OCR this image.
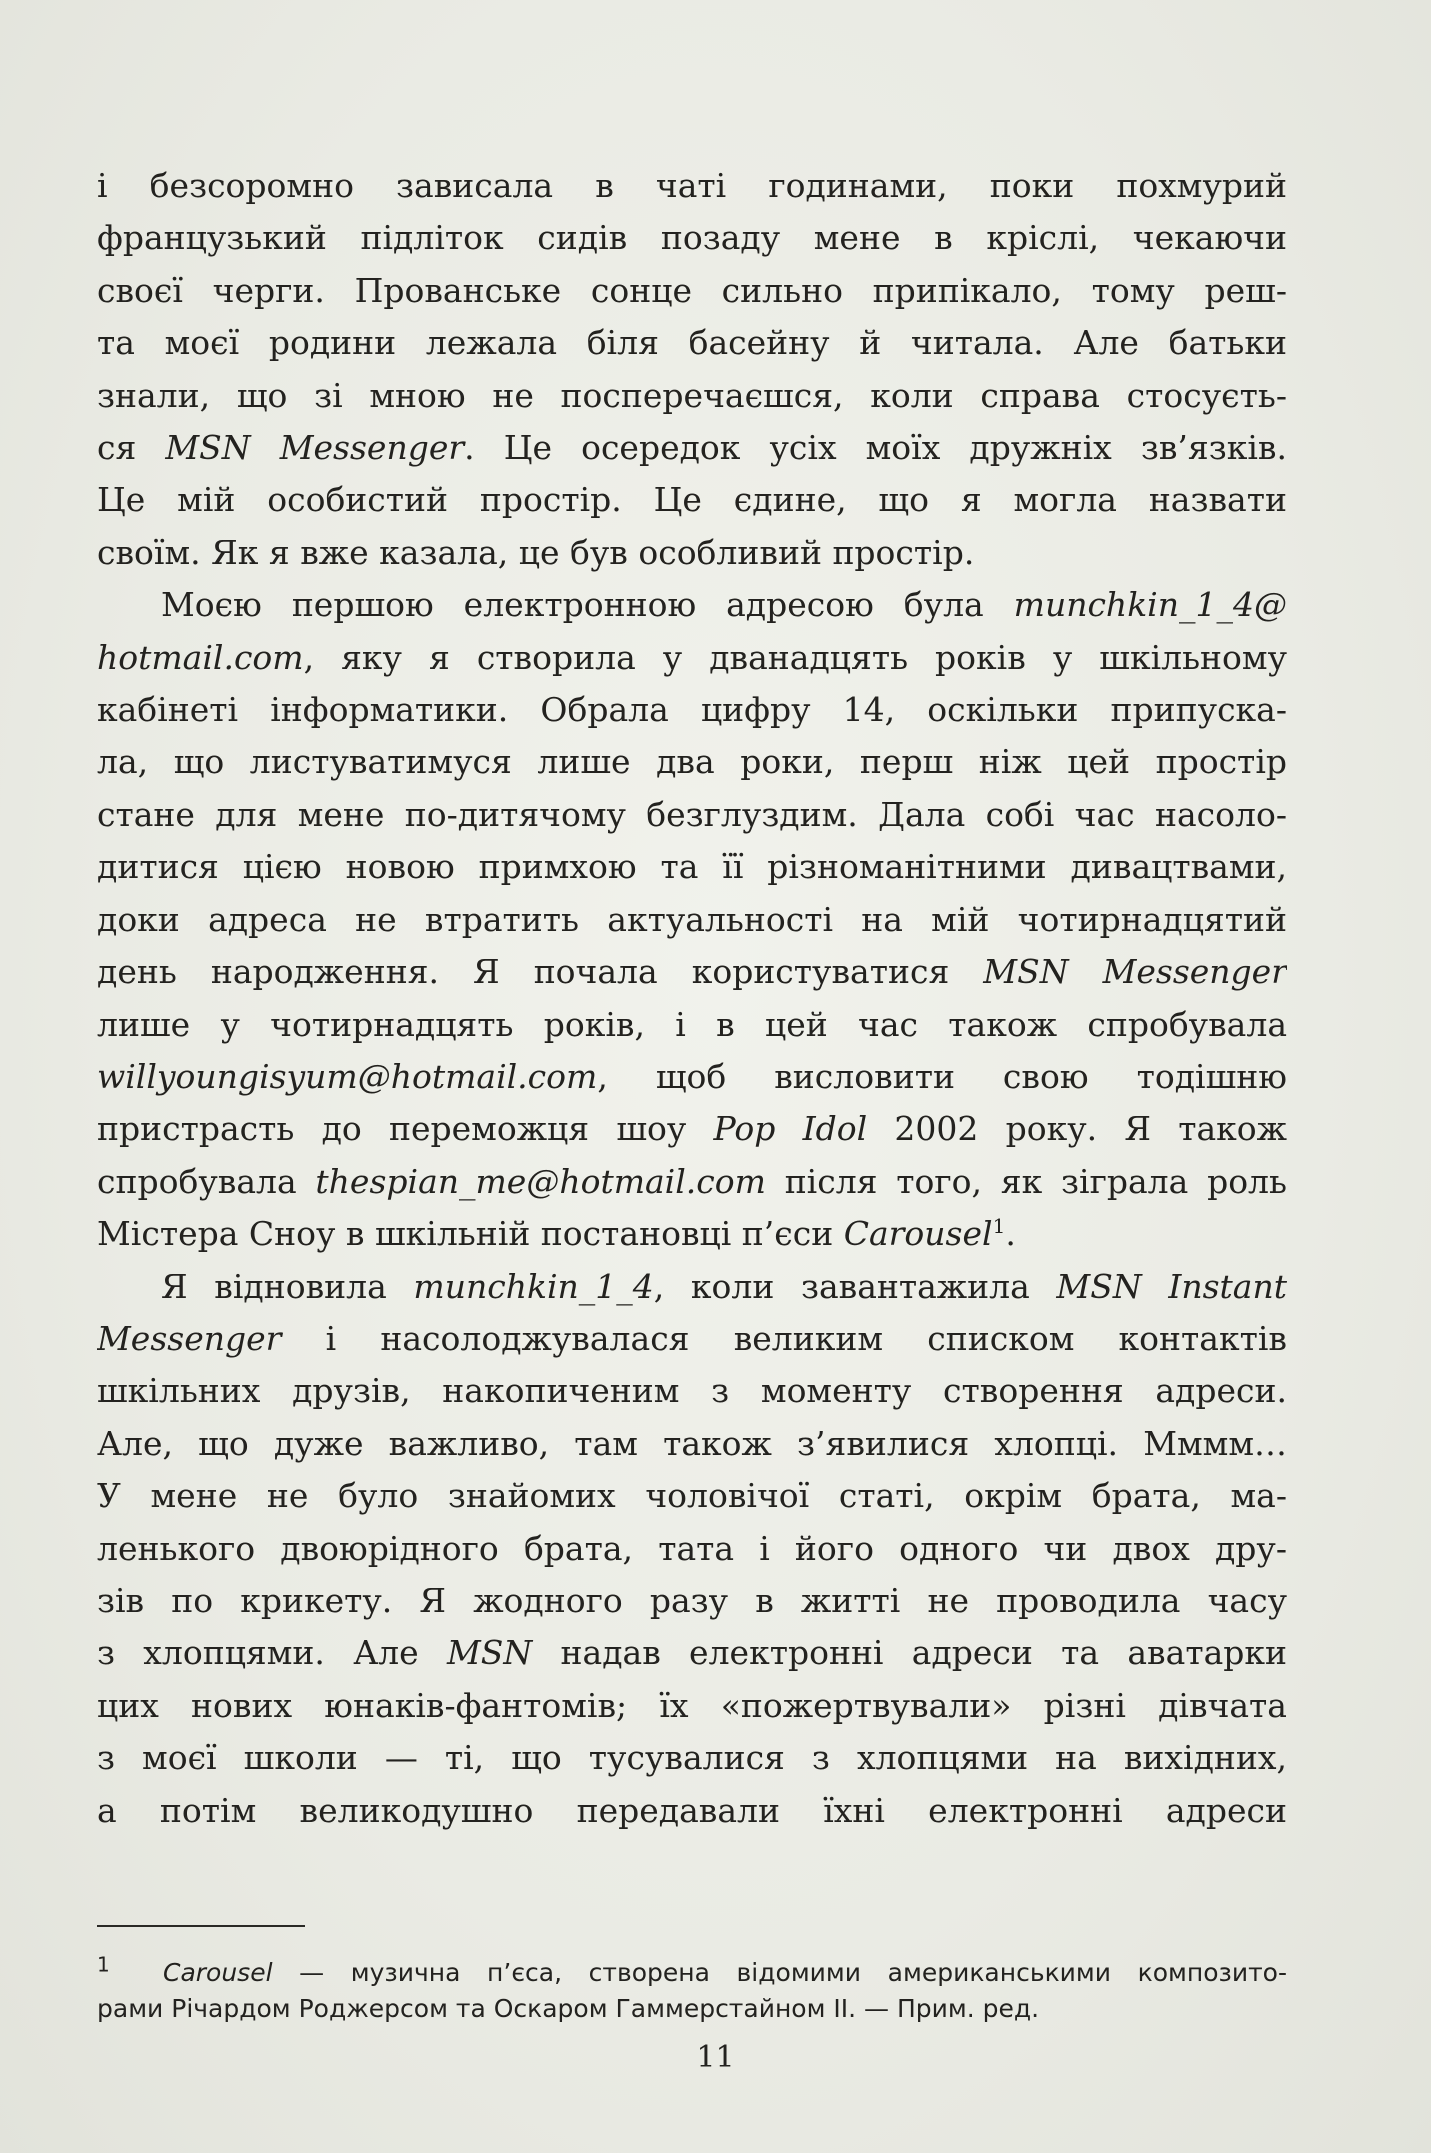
і безсоромно зависала в чаті годинами, поки похмурий
французький підліток сидів позаду мене в кріслі, чекаючи
своєї черги. Прованське сонце сильно припікало, тому реш-
та моєї родини лежала біля басейну й читала. Але батьки
знали, що зі мною не посперечаєшся, коли справа стосуєть-
ся MSN Messenger. Це осередок усіх моїх дружніх зв’язків.
Це мій особистий простір. Це єдине, що я могла назвати
своїм. Як я вже казала, це був особливий простір.
Моєю першою електронною адресою була munchkin_1_4@
hotmail.com, яку я створила у дванадцять років у шкільному
кабінеті інформатики. Обрала цифру 14, оскільки припуска-
ла, що листуватимуся лише два роки, перш ніж цей простір
стане для мене по-дитячому безглуздим. Дала собі час насоло-
дитися цією новою примхою та її різноманітними дивацтвами,
доки адреса не втратить актуальності на мій чотирнадцятий
день народження. Я почала користуватися MSN Messenger
лише у чотирнадцять років, і в цей час також спробувала
willyoungisyum@hotmail.com, щоб висловити свою тодішню
пристрасть до переможця шоу Pop Idol 2002 року. Я також
спробувала thespian_me@hotmail.com після того, як зіграла роль
Містера Сноу в шкільній постановці п’єси Carousel$^1$.
Я відновила munchkin_1_4, коли завантажила MSN Instant
Messenger і насолоджувалася великим списком контактів
шкільних друзів, накопиченим з моменту створення адреси.
Але, що дуже важливо, там також з’явилися хлопці. Мммм…
У мене не було знайомих чоловічої статі, окрім брата, ма-
ленького двоюрідного брата, тата і його одного чи двох дру-
зів по крикету. Я жодного разу в житті не проводила часу
з хлопцями. Але MSN надав електронні адреси та аватарки
цих нових юнаків-фантомів; їх «пожертвували» різні дівчата
з моєї школи — ті, що тусувалися з хлопцями на вихідних,
а потім великодушно передавали їхні електронні адреси
$^1$ Carousel — музична п’єса, створена відомими американськими композито-
рами Річардом Роджерсом та Оскаром Гаммерстайном II. — Прим. ред.
11
